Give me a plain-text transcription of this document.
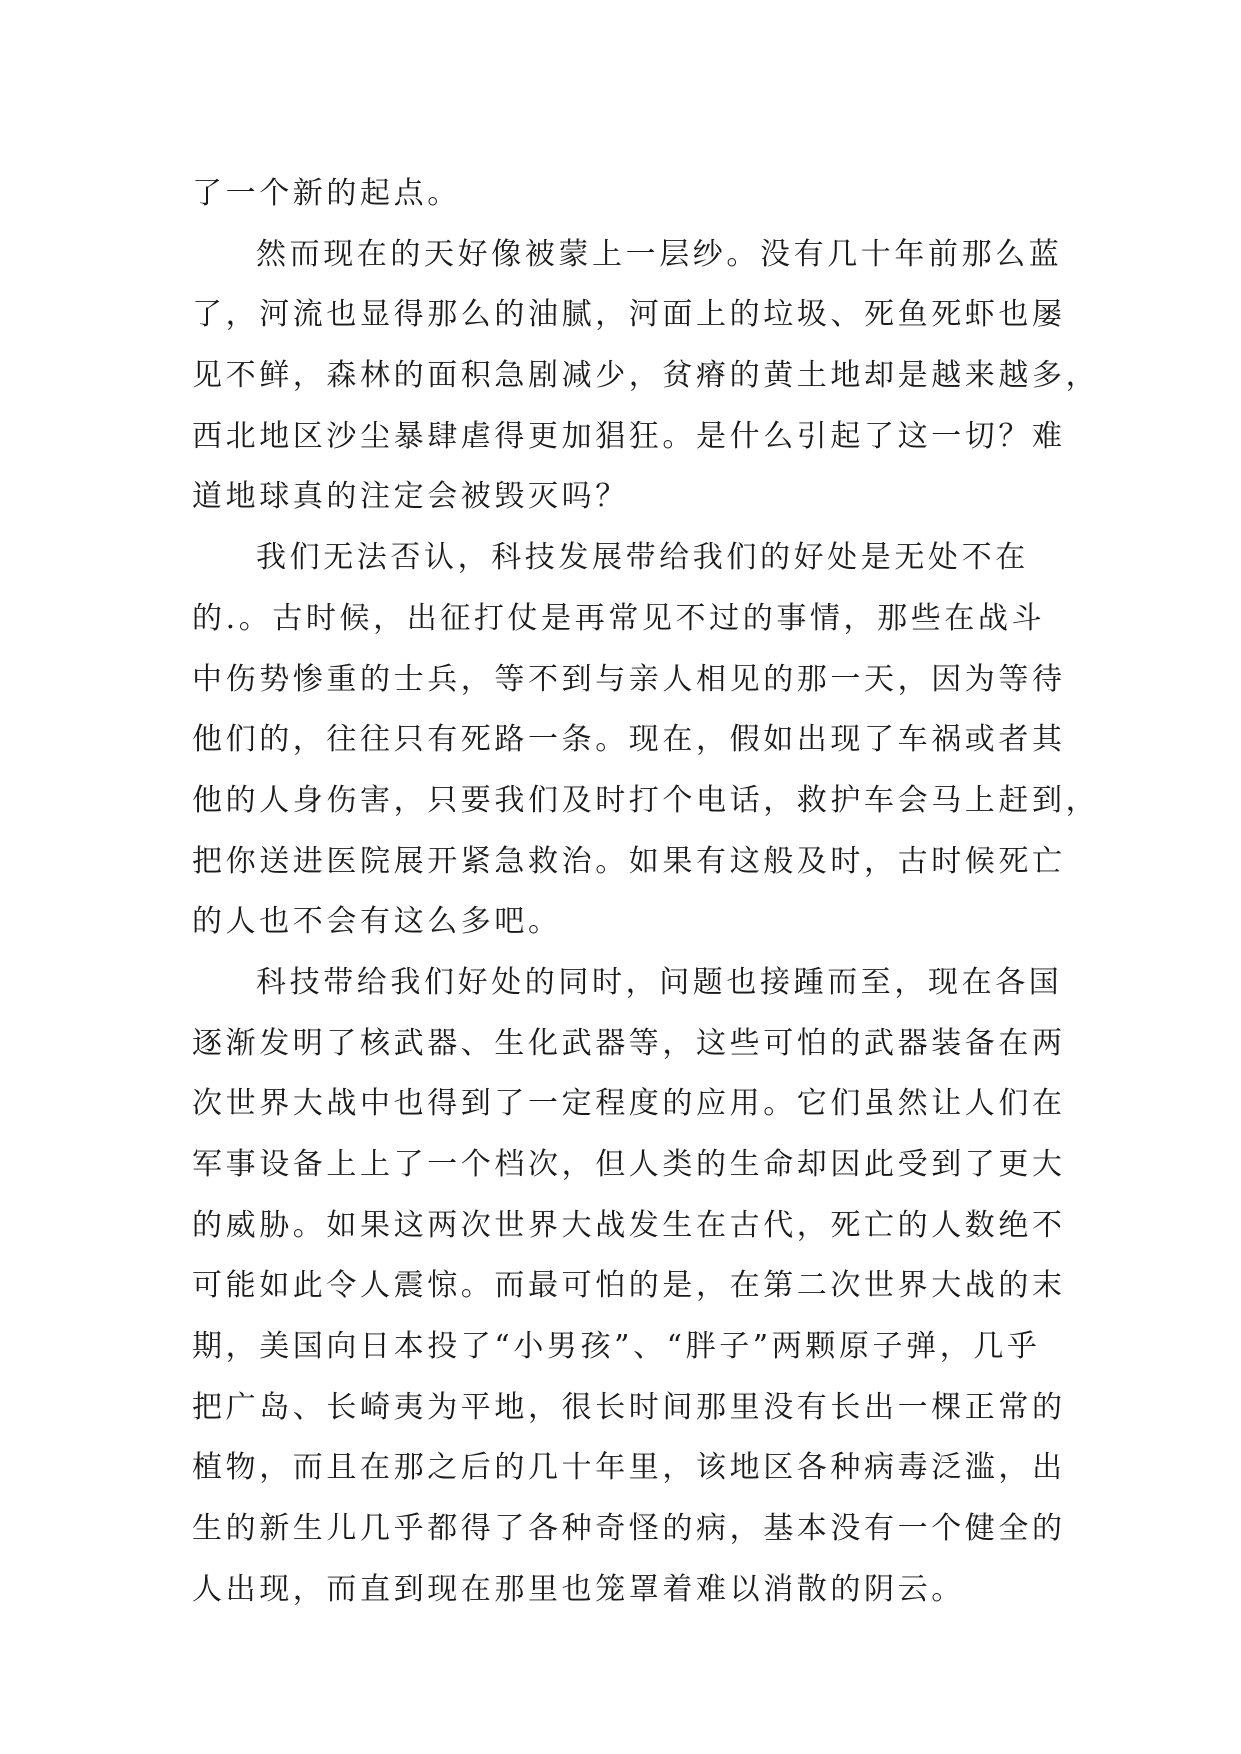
了一个新的起点。
然而现在的天好像被蒙上一层纱。没有几十年前那么蓝
了，河流也显得那么的油腻，河面上的垃圾、死鱼死虾也屡
见不鲜，森林的面积急剧减少，贫瘠的黄土地却是越来越多，
西北地区沙尘暴肆虐得更加猖狂。是什么引起了这一切？难
道地球真的注定会被毁灭吗？
我们无法否认，科技发展带给我们的好处是无处不在
的.。古时候，出征打仗是再常见不过的事情，那些在战斗
中伤势惨重的士兵，等不到与亲人相见的那一天，因为等待
他们的，往往只有死路一条。现在，假如出现了车祸或者其
他的人身伤害，只要我们及时打个电话，救护车会马上赶到，
把你送进医院展开紧急救治。如果有这般及时，古时候死亡
的人也不会有这么多吧。
科技带给我们好处的同时，问题也接踵而至，现在各国
逐渐发明了核武器、生化武器等，这些可怕的武器装备在两
次世界大战中也得到了一定程度的应用。它们虽然让人们在
军事设备上上了一个档次，但人类的生命却因此受到了更大
的威胁。如果这两次世界大战发生在古代，死亡的人数绝不
可能如此令人震惊。而最可怕的是，在第二次世界大战的末
期，美国向日本投了“小男孩”、“胖子”两颗原子弹，几乎
把广岛、长崎夷为平地，很长时间那里没有长出一棵正常的
植物，而且在那之后的几十年里，该地区各种病毒泛滥，出
生的新生儿几乎都得了各种奇怪的病，基本没有一个健全的
人出现，而直到现在那里也笼罩着难以消散的阴云。
